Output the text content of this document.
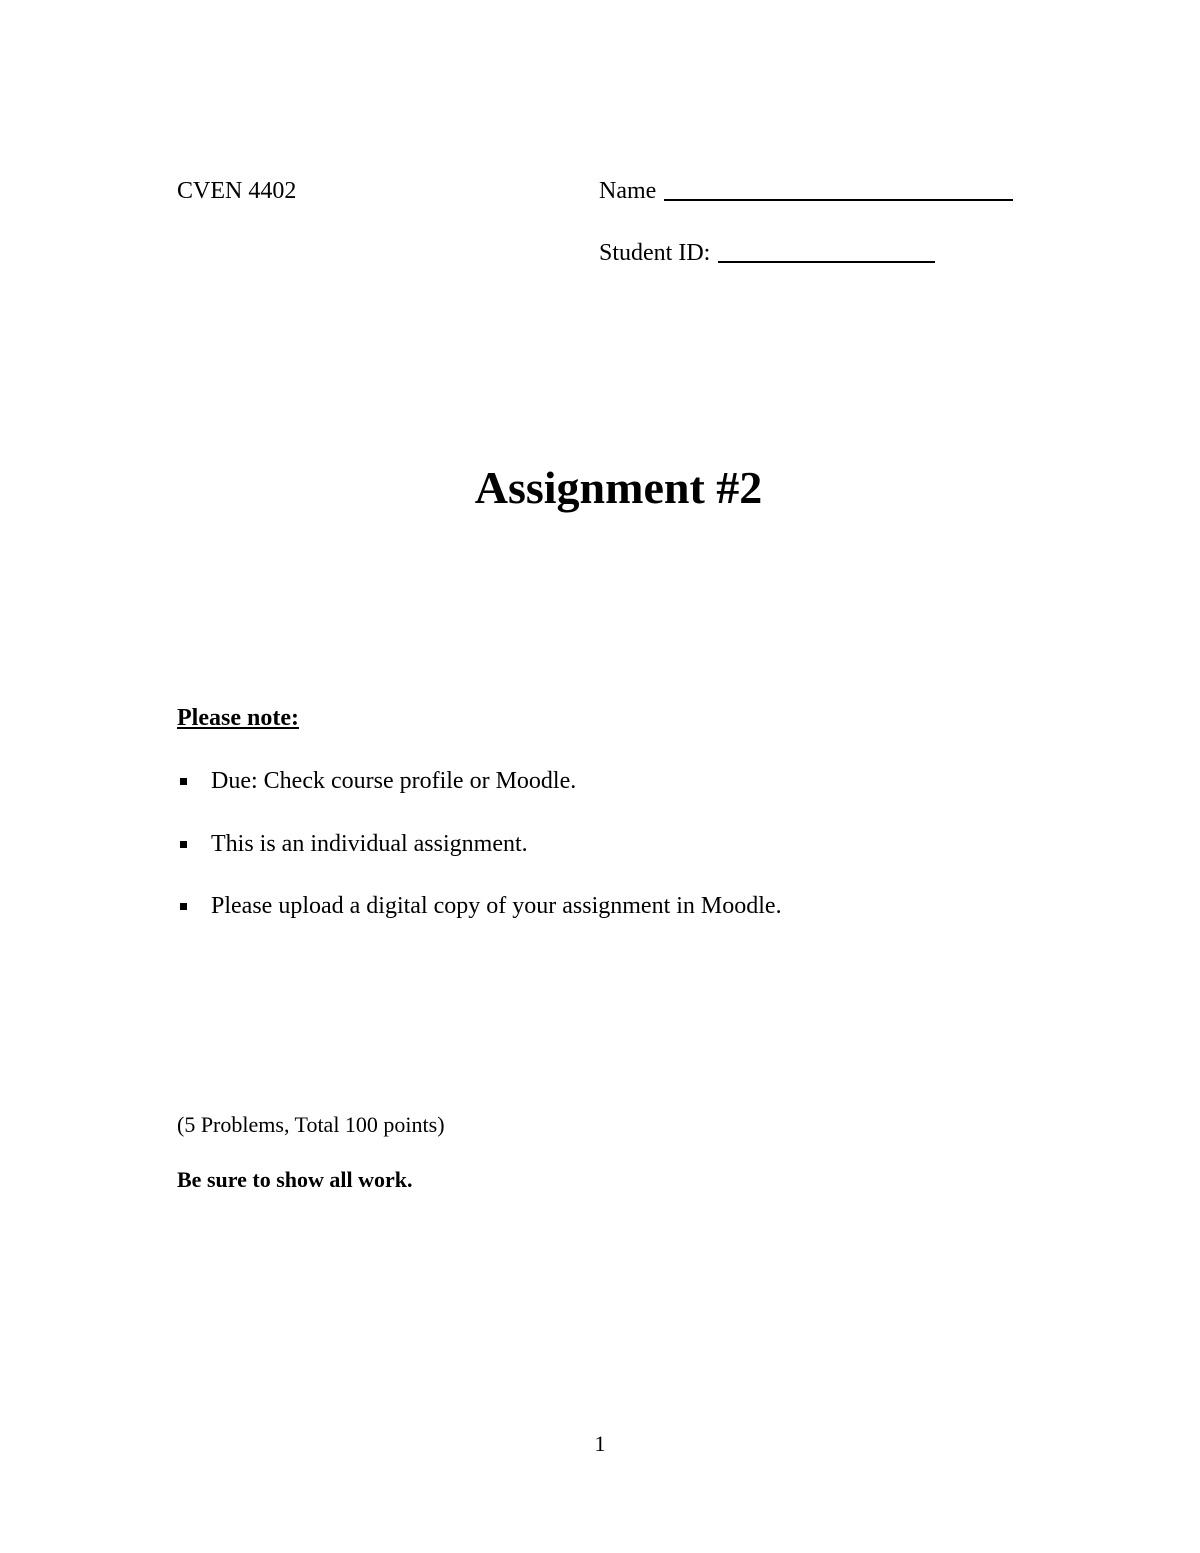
CVEN 4402	Name
Student ID:
Assignment #2
Please note:
Due: Check course profile or Moodle.
This is an individual assignment.
Please upload a digital copy of your assignment in Moodle.
(5 Problems, Total 100 points)
Be sure to show all work.
1
